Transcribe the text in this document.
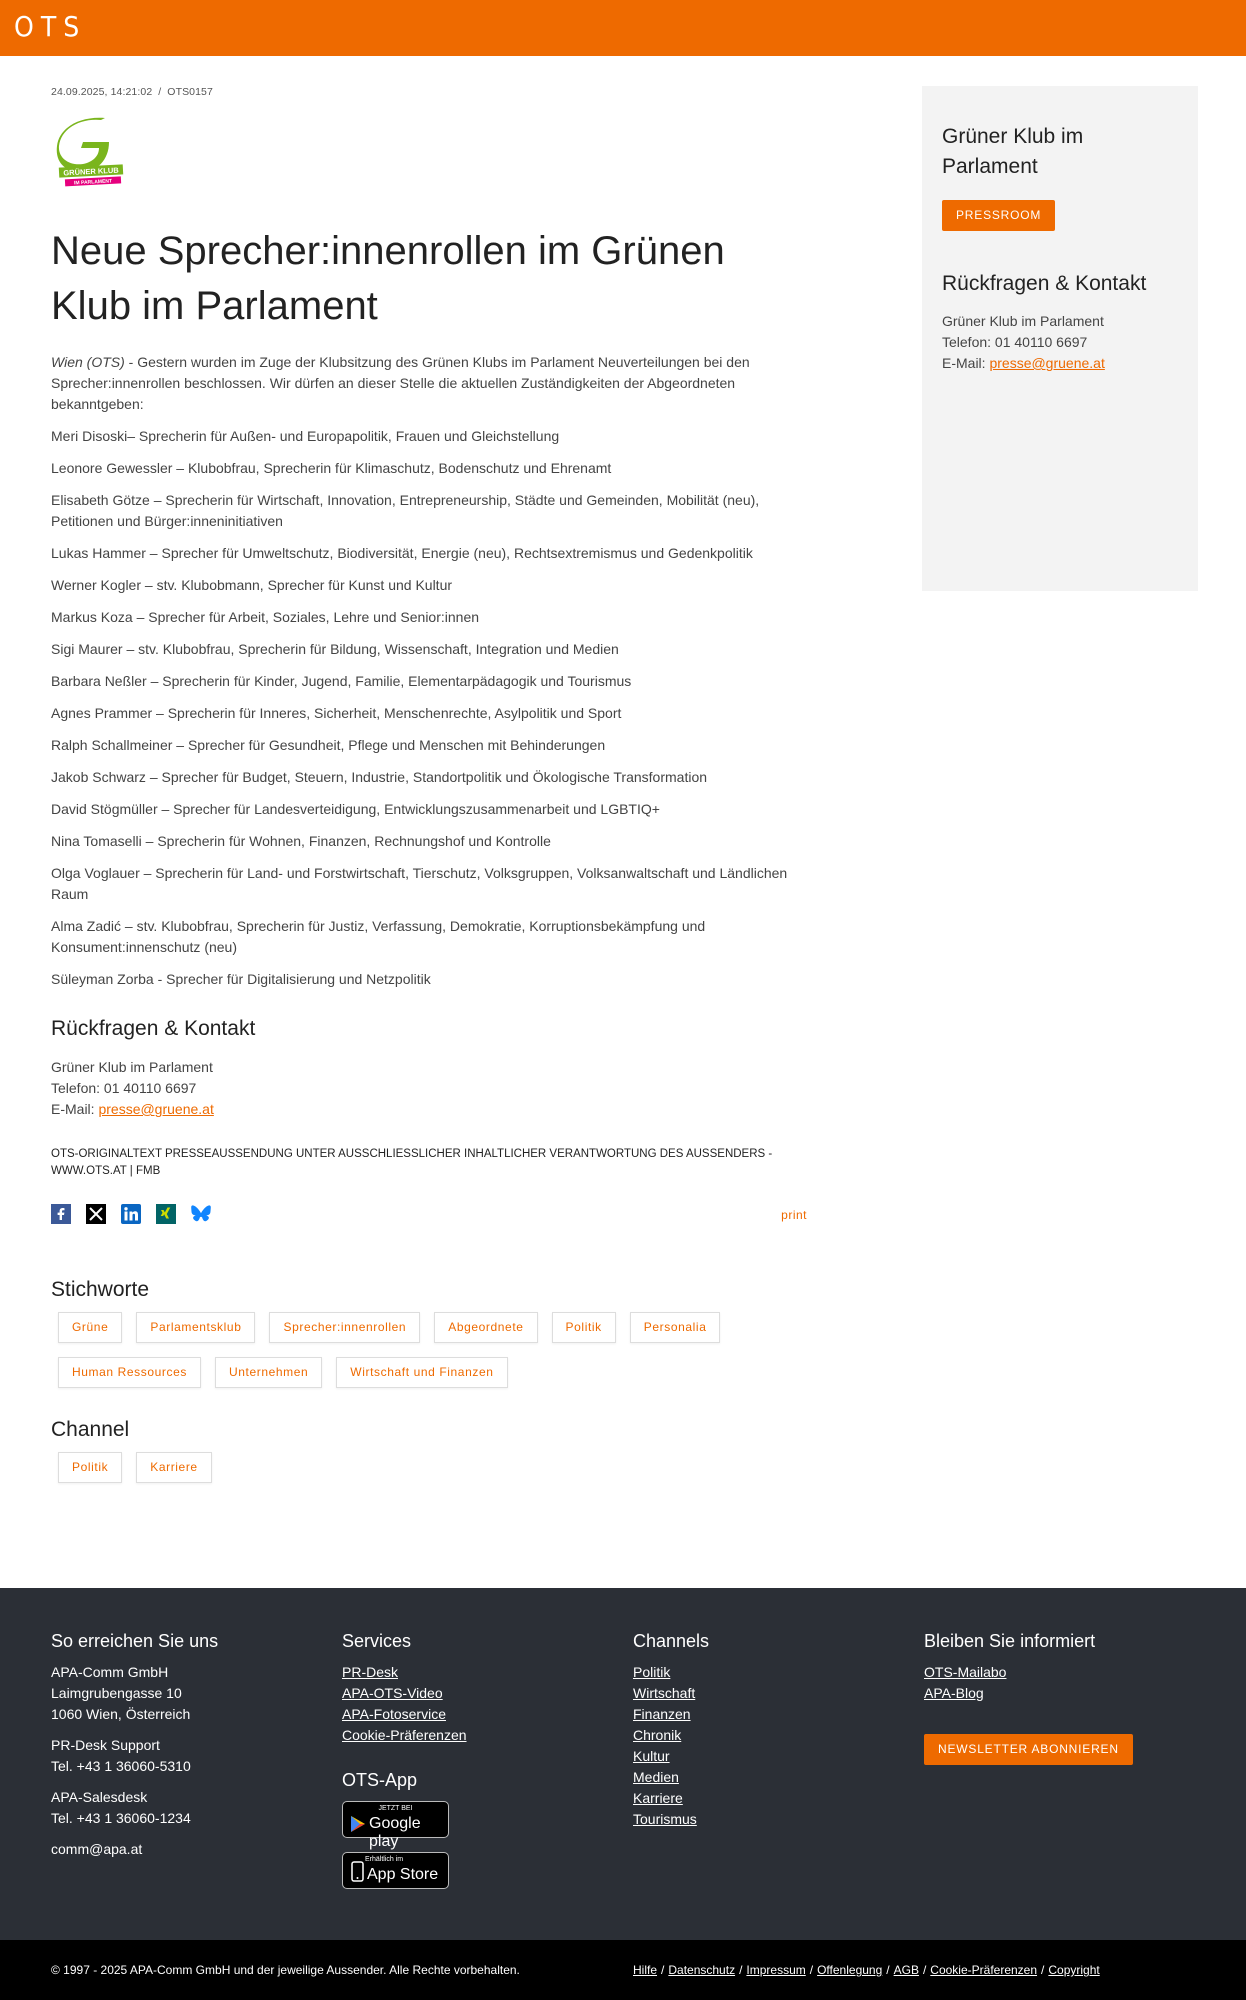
OTS
24.09.2025, 14:21:02 / OTS0157
GRÜNER KLUB
IM PARLAMENT
Neue Sprecher:innenrollen im Grünen Klub im Parlament

Wien (OTS) - Gestern wurden im Zuge der Klubsitzung des Grünen Klubs im Parlament Neuverteilungen bei den Sprecher:innenrollen beschlossen. Wir dürfen an dieser Stelle die aktuellen Zuständigkeiten der Abgeordneten bekanntgeben:

Meri Disoski– Sprecherin für Außen- und Europapolitik, Frauen und Gleichstellung

Leonore Gewessler – Klubobfrau, Sprecherin für Klimaschutz, Bodenschutz und Ehrenamt

Elisabeth Götze – Sprecherin für Wirtschaft, Innovation, Entrepreneurship, Städte und Gemeinden, Mobilität (neu), Petitionen und Bürger:inneninitiativen

Lukas Hammer – Sprecher für Umweltschutz, Biodiversität, Energie (neu), Rechtsextremismus und Gedenkpolitik

Werner Kogler – stv. Klubobmann, Sprecher für Kunst und Kultur

Markus Koza – Sprecher für Arbeit, Soziales, Lehre und Senior:innen

Sigi Maurer – stv. Klubobfrau, Sprecherin für Bildung, Wissenschaft, Integration und Medien

Barbara Neßler – Sprecherin für Kinder, Jugend, Familie, Elementarpädagogik und Tourismus

Agnes Prammer – Sprecherin für Inneres, Sicherheit, Menschenrechte, Asylpolitik und Sport

Ralph Schallmeiner – Sprecher für Gesundheit, Pflege und Menschen mit Behinderungen

Jakob Schwarz – Sprecher für Budget, Steuern, Industrie, Standortpolitik und Ökologische Transformation

David Stögmüller – Sprecher für Landesverteidigung, Entwicklungszusammenarbeit und LGBTIQ+

Nina Tomaselli – Sprecherin für Wohnen, Finanzen, Rechnungshof und Kontrolle

Olga Voglauer – Sprecherin für Land- und Forstwirtschaft, Tierschutz, Volksgruppen, Volksanwaltschaft und Ländlichen Raum

Alma Zadić – stv. Klubobfrau, Sprecherin für Justiz, Verfassung, Demokratie, Korruptionsbekämpfung und Konsument:innenschutz (neu)

Süleyman Zorba - Sprecher für Digitalisierung und Netzpolitik

Rückfragen & Kontakt
Grüner Klub im Parlament
Telefon: 01 40110 6697
E-Mail: presse@gruene.at

OTS-ORIGINALTEXT PRESSEAUSSENDUNG UNTER AUSSCHLIESSLICHER INHALTLICHER VERANTWORTUNG DES AUSSENDERS - WWW.OTS.AT | FMB

print
Stichworte
Grüne	Parlamentsklub	Sprecher:innenrollen	Abgeordnete	Politik	Personalia
Human Ressources	Unternehmen	Wirtschaft und Finanzen
Channel
Politik	Karriere
Grüner Klub im Parlament
PRESSROOM
Rückfragen & Kontakt
Grüner Klub im Parlament
Telefon: 01 40110 6697
E-Mail: presse@gruene.at
So erreichen Sie uns

APA-Comm GmbH

Laimgrubengasse 10

1060 Wien, Österreich

PR-Desk Support

Tel. +43 1 36060-5310

APA-Salesdesk

Tel. +43 1 36060-1234

comm@apa.at

Services
PR-Desk
APA-OTS-Video
APA-Fotoservice
Cookie-Präferenzen
OTS-App
JETZT BEI
Google play
Erhältlich im
App Store
Channels
Politik
Wirtschaft
Finanzen
Chronik
Kultur
Medien
Karriere
Tourismus
Bleiben Sie informiert
OTS-Mailabo
APA-Blog
NEWSLETTER ABONNIEREN
© 1997 - 2025 APA-Comm GmbH und der jeweilige Aussender. Alle Rechte vorbehalten.	Hilfe / Datenschutz / Impressum / Offenlegung / AGB / Cookie-Präferenzen / Copyright
